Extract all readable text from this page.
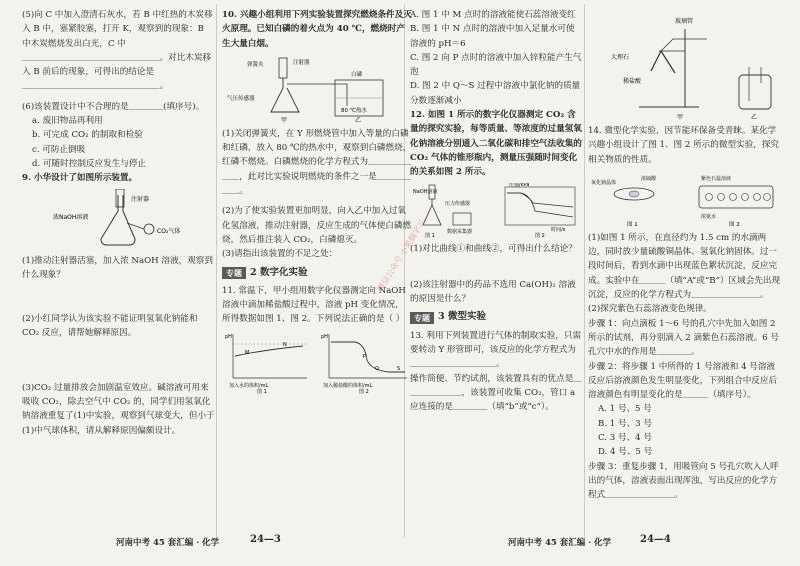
(5)向 C 中加入澄清石灰水，若 B 中红热的木炭移入 B 中，塞紧胶塞，打开 K，观察到的现象：B 中木炭燃烧发出白光，C 中

＿＿＿＿＿＿＿＿＿＿＿＿＿＿＿＿。对比木炭移入 B 前后的现象，可得出的结论是

＿＿＿＿＿＿＿＿＿＿＿＿＿＿＿＿。

(6)该装置设计中不合理的是＿＿＿＿(填序号)。

a. 废旧物品再利用

b. 可完成 CO₂ 的制取和检验

c. 可防止倒吸

d. 可随时控制反应发生与停止

9. 小华设计了如图所示装置。

注射器
浓NaOH溶液
CO₂气体

(1)推动注射器活塞，加入浓 NaOH 溶液，观察到什么现象？

(2)小红同学认为该实验不能证明氢氧化钠能和 CO₂ 反应，请帮她解释原因。

(3)CO₂ 过量排放会加剧温室效应。碱溶液可用来吸收 CO₂，除去空气中 CO₂ 的，同学们用氢氧化钠溶液重复了(1)中实验，观察到气球变大，但小于(1)中气球体积，请从解释原因偏颇设计。

10. 兴趣小组利用下列实验装置探究燃烧条件及灭火原理。已知白磷的着火点为 40 ℃，燃烧时产生大量白烟。

弹簧夹	注射器
气压传感器
白磷
80 ℃热水
甲	乙

(1)关闭弹簧夹，在 Y 形燃烧管中加入等量的白磷和红磷，放入 80 ℃的热水中，观察到白磷燃烧，红磷不燃烧。白磷燃烧的化学方程式为＿＿＿＿＿＿＿，此对比实验说明燃烧的条件之一是＿＿＿＿＿＿。

(2)为了使实验装置更加明显，向入乙中加入过氧化氢溶液，推动注射器，反应生成的气体使白磷燃烧，然后推注装入 CO₂，白磷熄灭。

(3)请指出该装置的不足之处：

专题 2
数字化实验

11. 常温下，甲小组用数字化仪器测定向 NaOH 溶液中滴加稀盐酸过程中，溶液 pH 变化情况，所得数据如图 1、图 2。下列说法正确的是（ ）

pH
M
N
加入水的体积/mL
图 1
pH
P
Q	S
加入稀盐酸的体积/mL
图 2

A. 图 1 中 M 点时的溶液能使石蕊溶液变红

B. 图 1 中 N 点时的溶液中加入足量水可使溶液的 pH＝6

C. 图 2 向 P 点时的溶液中加入锌粒能产生气泡

D. 图 2 中 Q～S 过程中溶液中氯化钠的质量分数逐渐减小

12. 如图 1 所示的数字化仪器测定 CO₂ 含量的探究实验，每等质量、等浓度的过量氢氧化钠溶液分别通入二氧化碳和排空气法收集的 CO₂ 气体的锥形瓶内，测量压强随时间变化的关系如图 2 所示。

NaOH溶液
压力传感器
数据采集器
图 1	图 2
时间/s
压强/kPa

(1)对比曲线①和曲线②，可得出什么结论？

(2)该注射器中的药品不选用 Ca(OH)₂ 溶液的原因是什么？

专题 3
微型实验

13. 利用下列装置进行气体的制取实验，只需要转动 Y 形管即可，该反应的化学方程式为＿＿＿＿＿＿＿＿＿＿。

操作简便、节约试剂，该装置具有的优点是＿＿＿＿＿＿＿，该装置可收集 CO₂，管口 a 应连接的是＿＿＿＿（填“b”或“c”）。

玻璃管
大理石
稀盐酸
甲	乙

14. 微型化学实验，因节能环保备受青睐。某化学兴趣小组设计了图 1、图 2 所示的微型实验，探究相关物质的性质。

氧化钠晶体
浓硫酸
浓氨水
紫色石蕊溶液
图 1	图 2

(1)如图 1 所示，在直径约为 1.5 cm 的水滴两边，同时放少量硫酸铜晶体、氢氧化钠固体。过一段时间后，看到水滴中出现蓝色絮状沉淀，反应完成。实验中在＿＿＿（填“A”或“B”）区域会先出现沉淀，反应的化学方程式为＿＿＿＿＿＿＿＿。

(2)探究紫色石蕊溶液变色规律。

步骤 1：向点滴板 1～6 号的孔穴中先加入如图 2 所示的试剂，再分别滴入 2 滴紫色石蕊溶液。6 号孔穴中水的作用是＿＿＿＿。

步骤 2：将步骤 1 中所得的 1 号溶液和 4 号溶液反应后溶液颜色发生明显变化，下列组合中反应后溶液颜色有明显变化的是＿＿＿（填序号）。

A. 1 号、5 号

B. 1 号、3 号

C. 3 号、4 号

D. 4 号、5 号

步骤 3：重复步骤 1，用吸管向 5 号孔穴吹入人呼出的气体，溶液表面出现浑浊，写出反应的化学方程式＿＿＿＿＿＿＿＿。

微信公众号 小果搞学习
河南中考 45 套汇编 · 化学	24—3	河南中考 45 套汇编 · 化学	24—4
